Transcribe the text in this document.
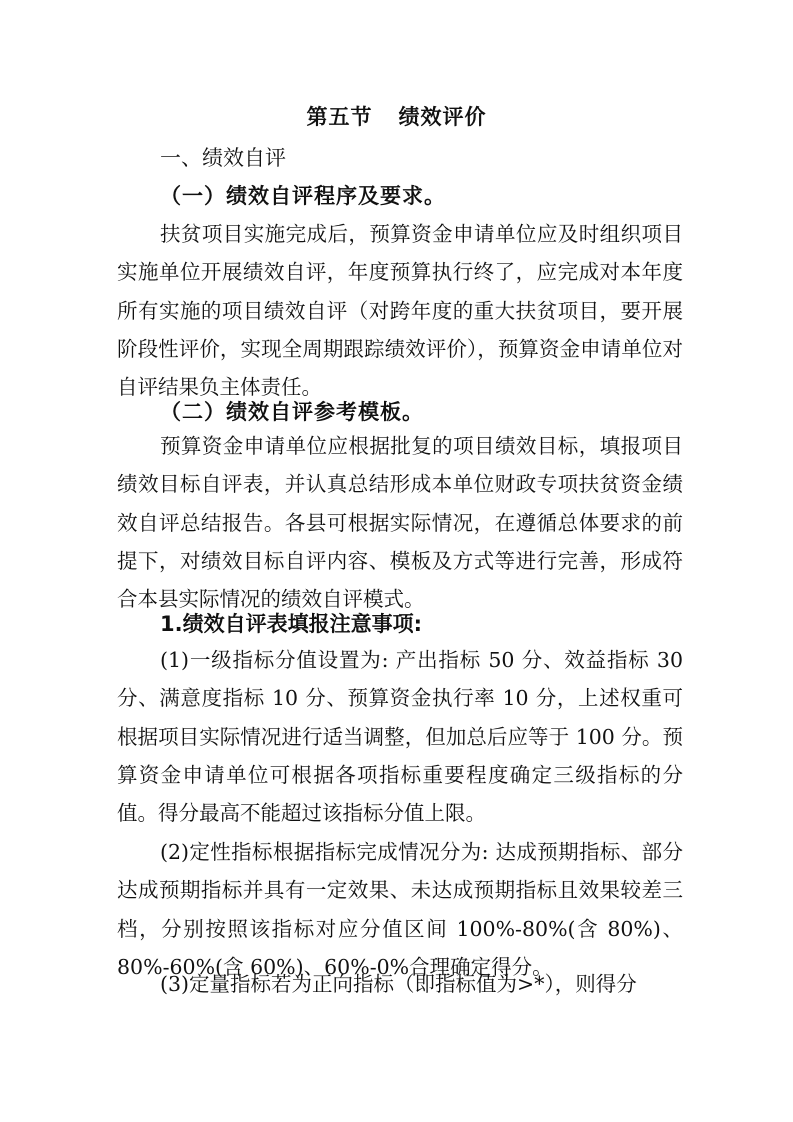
第五节 绩效评价
一、绩效自评
（一）绩效自评程序及要求。

扶贫项目实施完成后，预算资金申请单位应及时组织项目实施单位开展绩效自评，年度预算执行终了，应完成对本年度所有实施的项目绩效自评（对跨年度的重大扶贫项目，要开展阶段性评价，实现全周期跟踪绩效评价），预算资金申请单位对自评结果负主体责任。

（二）绩效自评参考模板。

预算资金申请单位应根据批复的项目绩效目标，填报项目绩效目标自评表，并认真总结形成本单位财政专项扶贫资金绩效自评总结报告。各县可根据实际情况，在遵循总体要求的前提下，对绩效目标自评内容、模板及方式等进行完善，形成符合本县实际情况的绩效自评模式。

1.绩效自评表填报注意事项:

(1)一级指标分值设置为: 产出指标 50 分、效益指标 30 分、满意度指标 10 分、预算资金执行率 10 分，上述权重可根据项目实际情况进行适当调整，但加总后应等于 100 分。预算资金申请单位可根据各项指标重要程度确定三级指标的分值。得分最高不能超过该指标分值上限。

(2)定性指标根据指标完成情况分为: 达成预期指标、部分达成预期指标并具有一定效果、未达成预期指标且效果较差三档，分别按照该指标对应分值区间 100%-80%(含 80%)、80%-60%(含 60%)、60%-0%合理确定得分。

(3)定量指标若为正向指标（即指标值为>*），则得分
